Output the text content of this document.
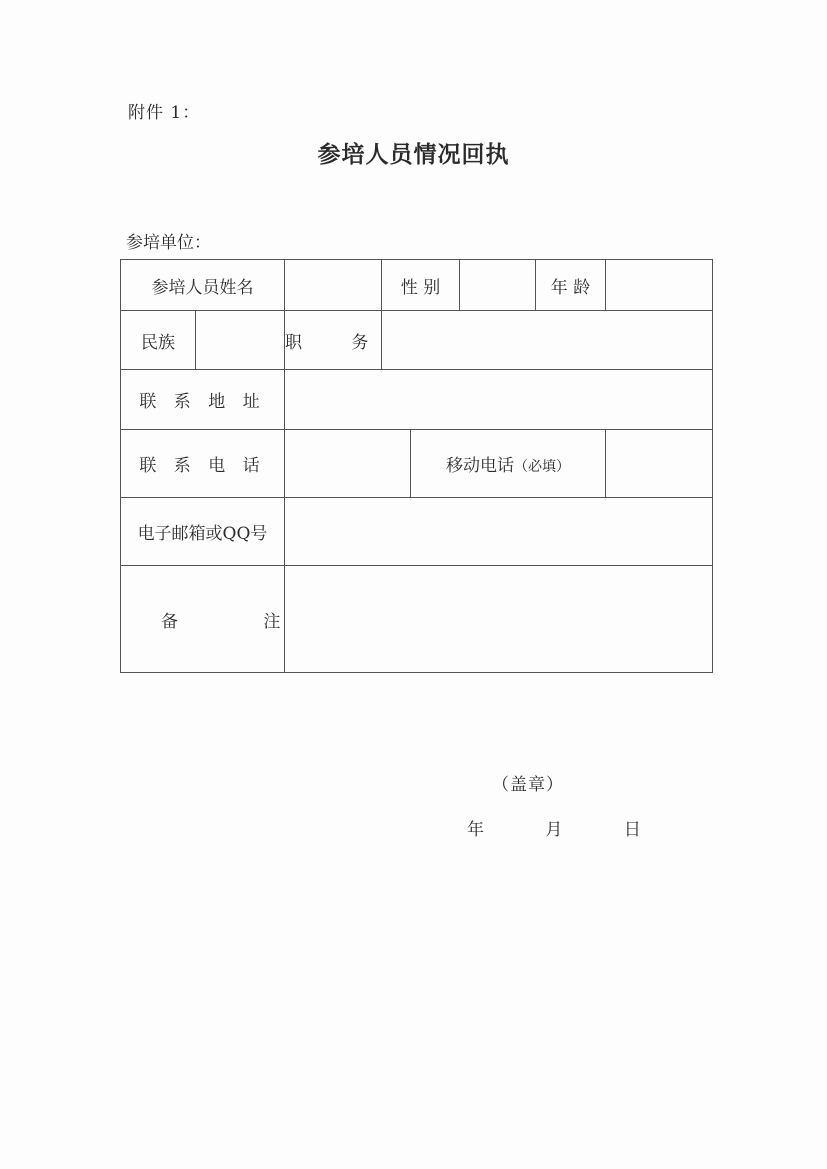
附件 1：
参培人员情况回执
参培单位：
参培人员姓名			性 别			年 龄	
民族		职 务					
联 系 地 址							
联 系 电 话				移动电话（必填）			
电子邮箱或QQ号							
备 注							
（盖章）
年	月	日
